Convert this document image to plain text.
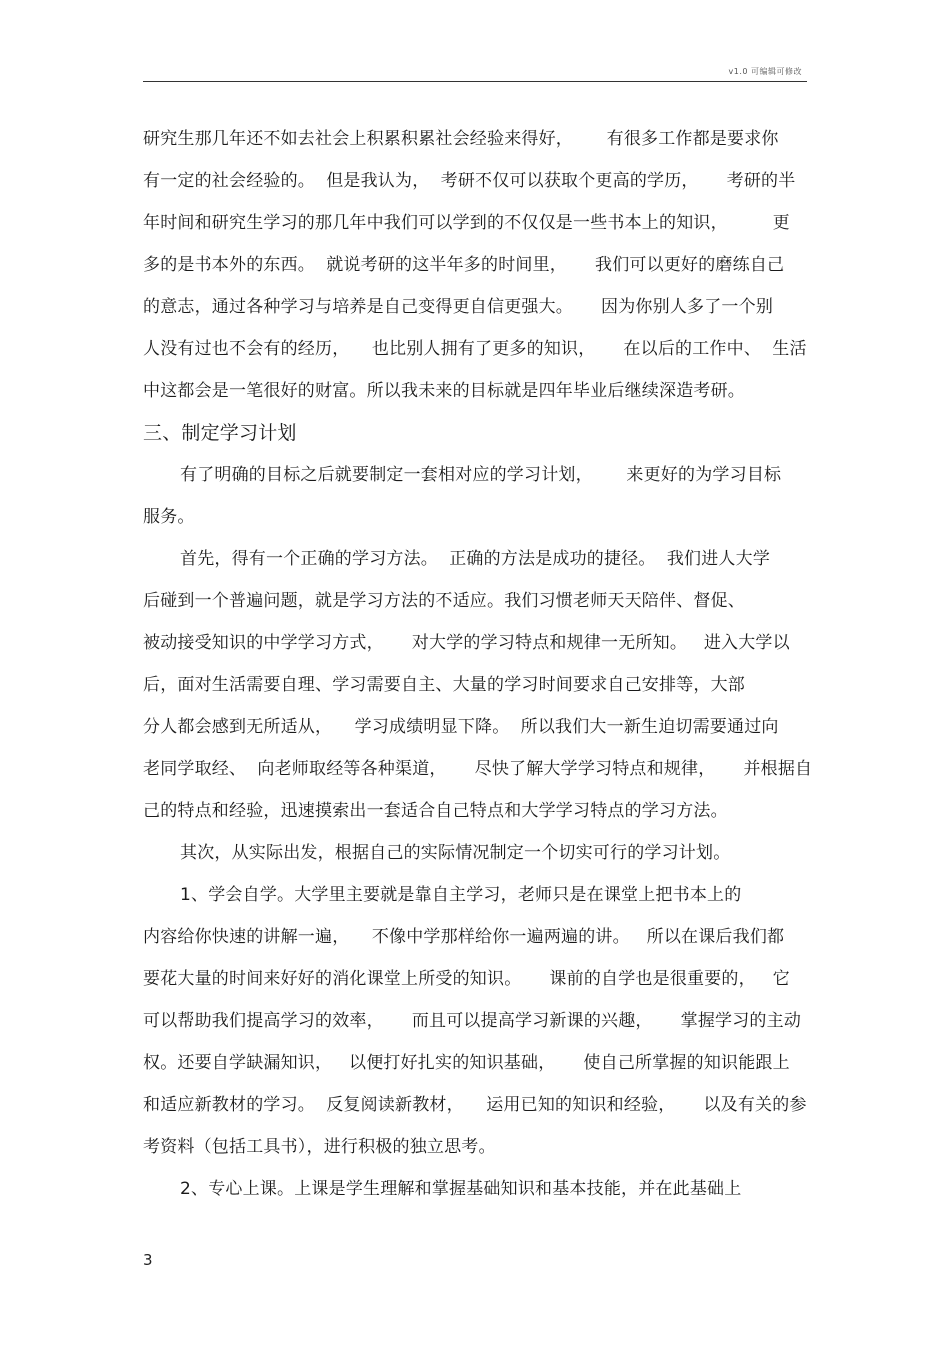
v1.0 可编辑可修改
研究生那几年还不如去社会上积累积累社会经验来得好，      有很多工作都是要求你
有一定的社会经验的。  但是我认为，  考研不仅可以获取个更高的学历，     考研的半
年时间和研究生学习的那几年中我们可以学到的不仅仅是一些书本上的知识，        更
多的是书本外的东西。  就说考研的这半年多的时间里，     我们可以更好的磨练自己
的意志，通过各种学习与培养是自己变得更自信更强大。     因为你别人多了一个别
人没有过也不会有的经历，    也比别人拥有了更多的知识，     在以后的工作中、  生活
中这都会是一笔很好的财富。所以我未来的目标就是四年毕业后继续深造考研。
三、制定学习计划
有了明确的目标之后就要制定一套相对应的学习计划，      来更好的为学习目标
服务。
首先，得有一个正确的学习方法。  正确的方法是成功的捷径。  我们进人大学
后碰到一个普遍问题，就是学习方法的不适应。我们习惯老师天天陪伴、督促、
被动接受知识的中学学习方式，     对大学的学习特点和规律一无所知。   进入大学以
后，面对生活需要自理、学习需要自主、大量的学习时间要求自己安排等，大部
分人都会感到无所适从，    学习成绩明显下降。  所以我们大一新生迫切需要通过向
老同学取经、  向老师取经等各种渠道，     尽快了解大学学习特点和规律，     并根据自
己的特点和经验，迅速摸索出一套适合自己特点和大学学习特点的学习方法。
其次，从实际出发，根据自己的实际情况制定一个切实可行的学习计划。
1、学会自学。大学里主要就是靠自主学习，老师只是在课堂上把书本上的
内容给你快速的讲解一遍，    不像中学那样给你一遍两遍的讲。   所以在课后我们都
要花大量的时间来好好的消化课堂上所受的知识。     课前的自学也是很重要的，   它
可以帮助我们提高学习的效率，     而且可以提高学习新课的兴趣，     掌握学习的主动
权。还要自学缺漏知识，   以便打好扎实的知识基础，     使自己所掌握的知识能跟上
和适应新教材的学习。  反复阅读新教材，    运用已知的知识和经验，     以及有关的参
考资料（包括工具书），进行积极的独立思考。
2、专心上课。上课是学生理解和掌握基础知识和基本技能，并在此基础上
3
